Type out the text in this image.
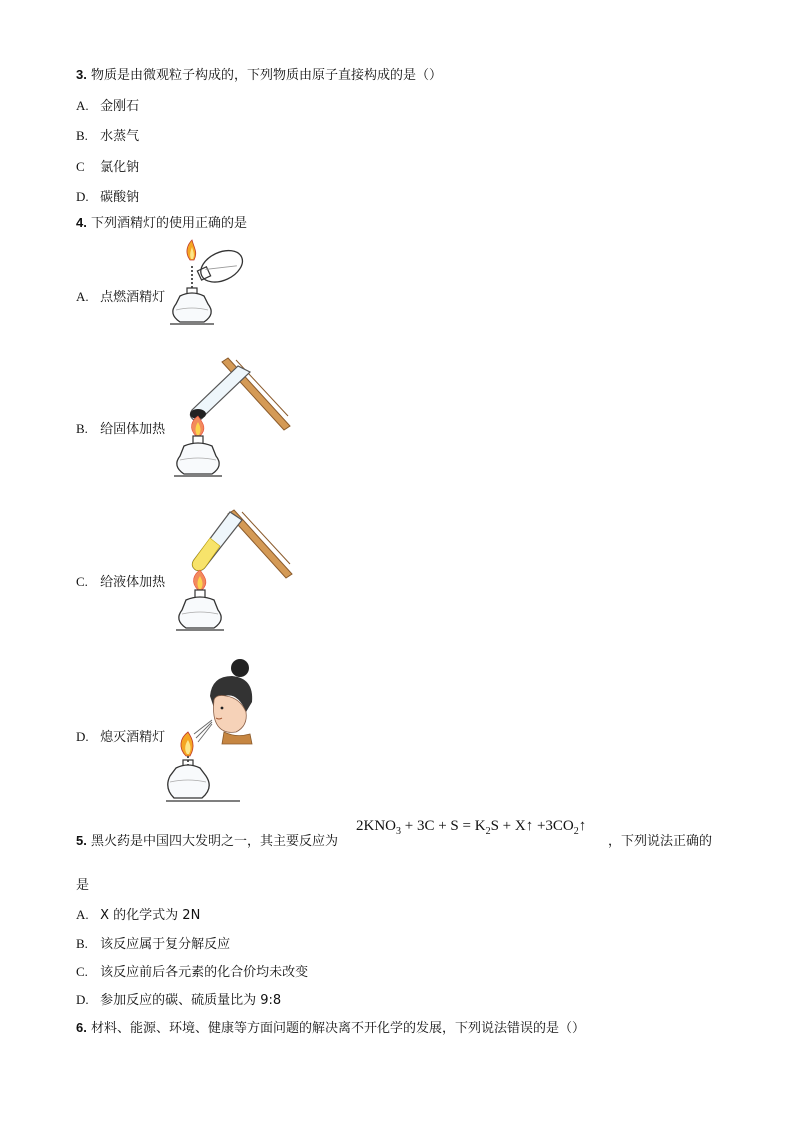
3. 物质是由微观粒子构成的，下列物质由原子直接构成的是（）
A. 金刚石
B. 水蒸气
C 氯化钠
D. 碳酸钠
4. 下列酒精灯的使用正确的是
A. 点燃酒精灯
B. 给固体加热
C. 给液体加热
D. 熄灭酒精灯
5. 黑火药是中国四大发明之一，其主要反应为
$2KNO_3 + 3C + S = K_2S$ + X↑ $+3CO_2↑$
，下列说法正确的
是
A. X 的化学式为 2N
B. 该反应属于复分解反应
C. 该反应前后各元素的化合价均未改变
D. 参加反应的碳、硫质量比为 9:8
6. 材料、能源、环境、健康等方面问题的解决离不开化学的发展，下列说法错误的是（）
